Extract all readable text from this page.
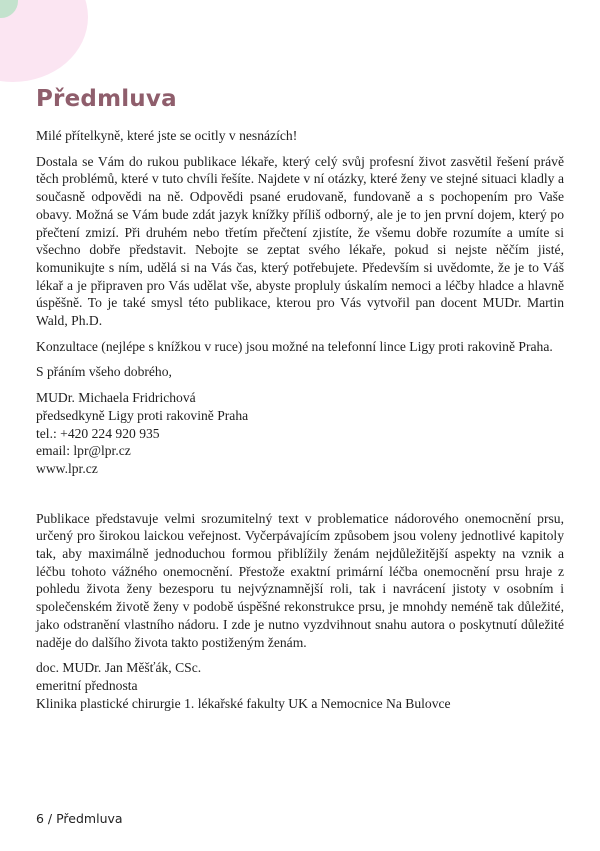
Předmluva

Milé přítelkyně, které jste se ocitly v nesnázích!

Dostala se Vám do rukou publikace lékaře, který celý svůj profesní život zasvětil řešení právě těch problémů, které v tuto chvíli řešíte. Najdete v ní otázky, které ženy ve stejné situaci kladly a současně odpovědi na ně. Odpovědi psané erudovaně, fundovaně a s pochopením pro Vaše obavy. Možná se Vám bude zdát jazyk knížky příliš odborný, ale je to jen první dojem, který po přečtení zmizí. Při druhém nebo třetím přečtení zjistíte, že všemu dobře rozumíte a umíte si všechno dobře představit. Nebojte se zeptat svého lékaře, pokud si nejste něčím jisté, komunikujte s ním, udělá si na Vás čas, který potřebujete. Především si uvědomte, že je to Váš lékař a je připraven pro Vás udělat vše, abyste propluly úskalím nemoci a léčby hladce a hlavně úspěšně. To je také smysl této publikace, kterou pro Vás vytvořil pan docent MUDr. Martin Wald, Ph.D.

Konzultace (nejlépe s knížkou v ruce) jsou možné na telefonní lince Ligy proti rakovině Praha.

S přáním všeho dobrého,

MUDr. Michaela Fridrichová
předsedkyně Ligy proti rakovině Praha
tel.: +420 224 920 935
email: lpr@lpr.cz
www.lpr.cz

Publikace představuje velmi srozumitelný text v problematice nádorového onemocnění prsu, určený pro širokou laickou veřejnost. Vyčerpávajícím způsobem jsou voleny jednotlivé kapitoly tak, aby maximálně jednoduchou formou přiblížily ženám nejdůležitější aspekty na vznik a léčbu tohoto vážného onemocnění. Přestože exaktní primární léčba onemocnění prsu hraje z pohledu života ženy bezesporu tu nejvýznamnější roli, tak i navrácení jistoty v osobním i společenském životě ženy v podobě úspěšné rekonstrukce prsu, je mnohdy neméně tak důležité, jako odstranění vlastního nádoru. I zde je nutno vyzdvihnout snahu autora o poskytnutí důležité naděje do dalšího života takto postiženým ženám.

doc. MUDr. Jan Měšťák, CSc.
emeritní přednosta
Klinika plastické chirurgie 1. lékařské fakulty UK a Nemocnice Na Bulovce
6 / Předmluva
